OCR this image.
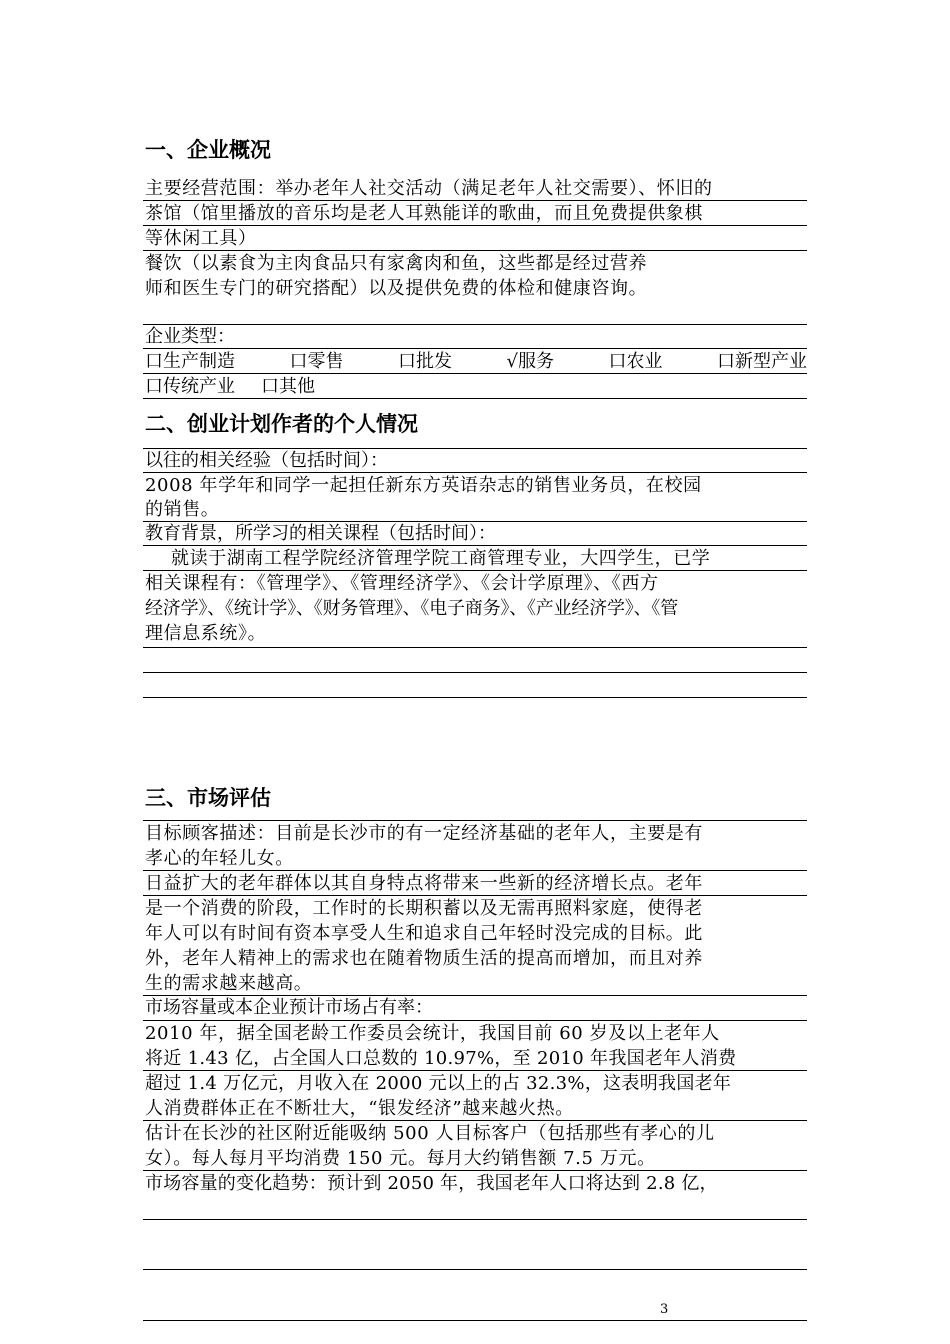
一、企业概况
主要经营范围：举办老年人社交活动（满足老年人社交需要）、怀旧的
茶馆（馆里播放的音乐均是老人耳熟能详的歌曲，而且免费提供象棋
等休闲工具）
餐饮（以素食为主肉食品只有家禽肉和鱼，这些都是经过营养
师和医生专门的研究搭配）以及提供免费的体检和健康咨询。
企业类型：
口生产制造	口零售	口批发	√服务	口农业	口新型产业
口传统产业 口其他
二、创业计划作者的个人情况
以往的相关经验（包括时间）：
2008 年学年和同学一起担任新东方英语杂志的销售业务员，在校园
的销售。
教育背景，所学习的相关课程（包括时间）：
就读于湖南工程学院经济管理学院工商管理专业，大四学生，已学
相关课程有：《管理学》、《管理经济学》、《会计学原理》、《西方
经济学》、《统计学》、《财务管理》、《电子商务》、《产业经济学》、《管
理信息系统》。
三、市场评估
目标顾客描述：目前是长沙市的有一定经济基础的老年人，主要是有
孝心的年轻儿女。
日益扩大的老年群体以其自身特点将带来一些新的经济增长点。老年
是一个消费的阶段，工作时的长期积蓄以及无需再照料家庭，使得老
年人可以有时间有资本享受人生和追求自己年轻时没完成的目标。此
外，老年人精神上的需求也在随着物质生活的提高而增加，而且对养
生的需求越来越高。
市场容量或本企业预计市场占有率：
2010 年，据全国老龄工作委员会统计，我国目前 60 岁及以上老年人
将近 1.43 亿，占全国人口总数的 10.97%，至 2010 年我国老年人消费
超过 1.4 万亿元，月收入在 2000 元以上的占 32.3%，这表明我国老年
人消费群体正在不断壮大，“银发经济”越来越火热。
估计在长沙的社区附近能吸纳 500 人目标客户（包括那些有孝心的儿
女）。每人每月平均消费 150 元。每月大约销售额 7.5 万元。
市场容量的变化趋势：预计到 2050 年，我国老年人口将达到 2.8 亿，
3
